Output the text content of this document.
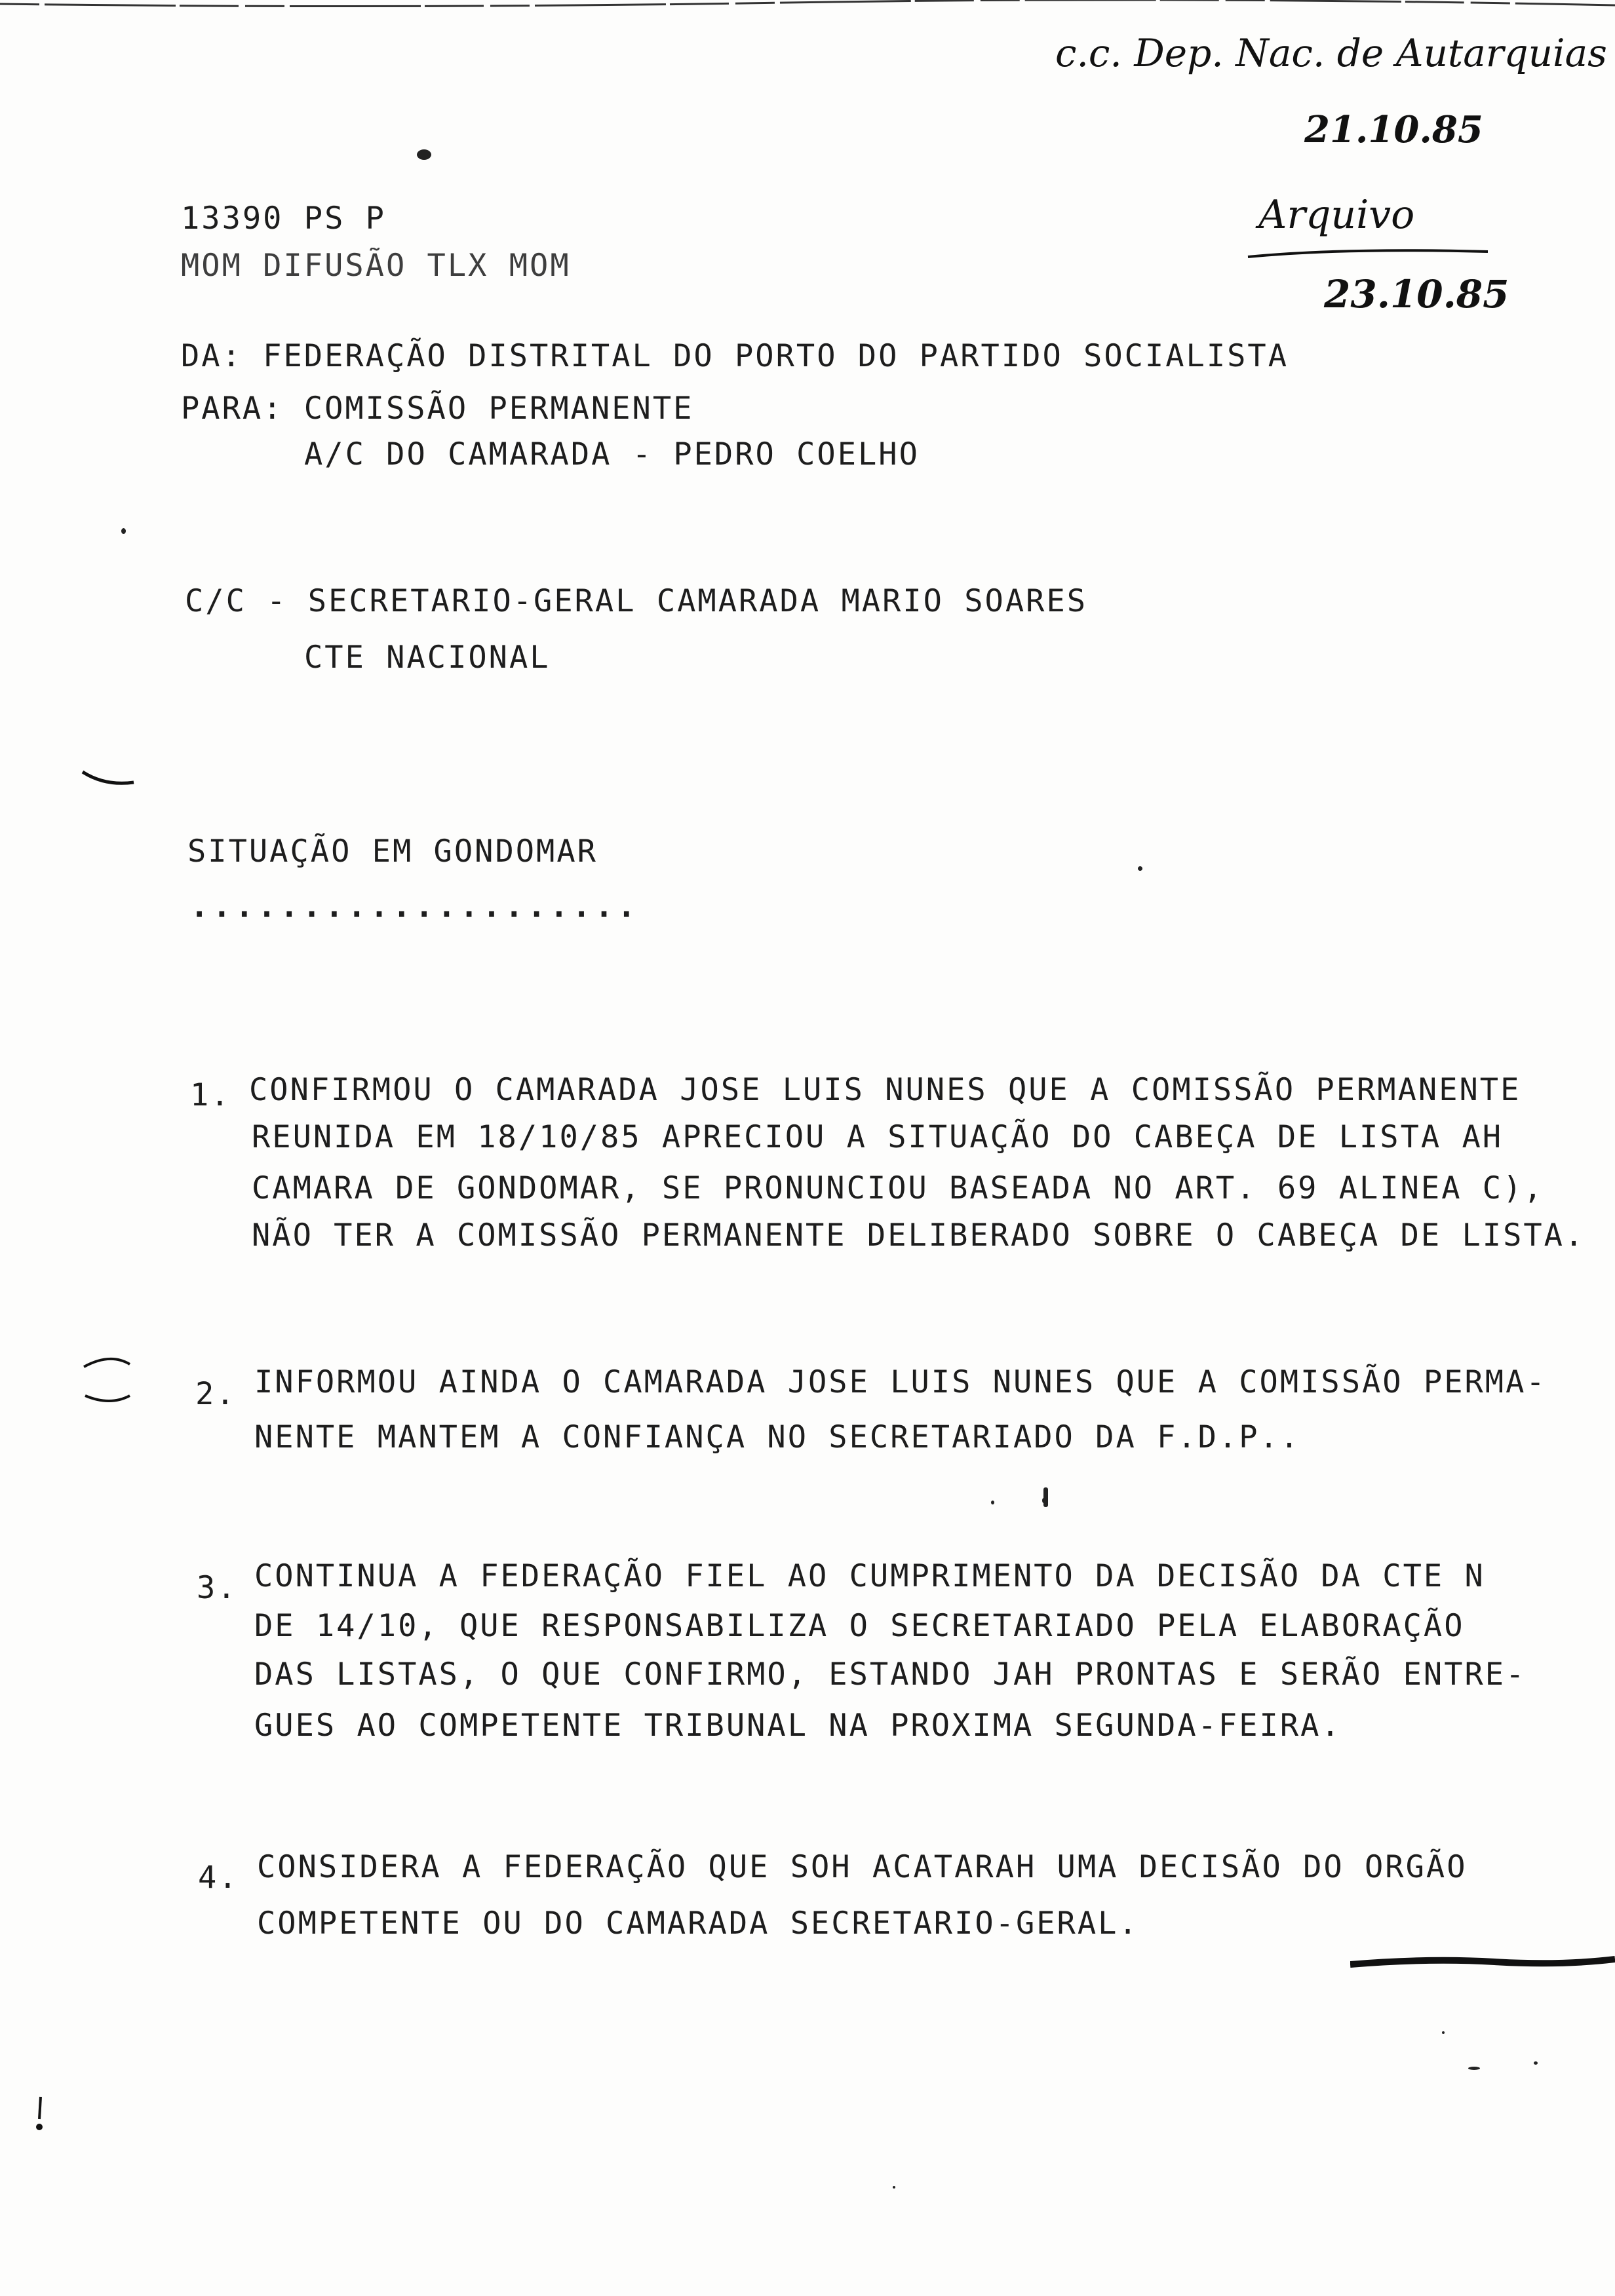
c.c. Dep. Nac. de Autarquias
21.10.85
Arquivo
23.10.85
13390 PS P
MOM DIFUSÃO TLX MOM
DA: FEDERAÇÃO DISTRITAL DO PORTO DO PARTIDO SOCIALISTA
PARA: COMISSÃO PERMANENTE
A/C DO CAMARADA - PEDRO COELHO
C/C - SECRETARIO-GERAL CAMARADA MARIO SOARES
CTE NACIONAL
SITUAÇÃO EM GONDOMAR
....................
1. CONFIRMOU O CAMARADA JOSE LUIS NUNES QUE A COMISSÃO PERMANENTE
REUNIDA EM 18/10/85 APRECIOU A SITUAÇÃO DO CABEÇA DE LISTA AH
CAMARA DE GONDOMAR, SE PRONUNCIOU BASEADA NO ART. 69 ALINEA C),
NÃO TER A COMISSÃO PERMANENTE DELIBERADO SOBRE O CABEÇA DE LISTA.
2. INFORMOU AINDA O CAMARADA JOSE LUIS NUNES QUE A COMISSÃO PERMA-
NENTE MANTEM A CONFIANÇA NO SECRETARIADO DA F.D.P..
3. CONTINUA A FEDERAÇÃO FIEL AO CUMPRIMENTO DA DECISÃO DA CTE N
DE 14/10, QUE RESPONSABILIZA O SECRETARIADO PELA ELABORAÇÃO
DAS LISTAS, O QUE CONFIRMO, ESTANDO JAH PRONTAS E SERÃO ENTRE-
GUES AO COMPETENTE TRIBUNAL NA PROXIMA SEGUNDA-FEIRA.
4. CONSIDERA A FEDERAÇÃO QUE SOH ACATARAH UMA DECISÃO DO ORGÃO
COMPETENTE OU DO CAMARADA SECRETARIO-GERAL.
